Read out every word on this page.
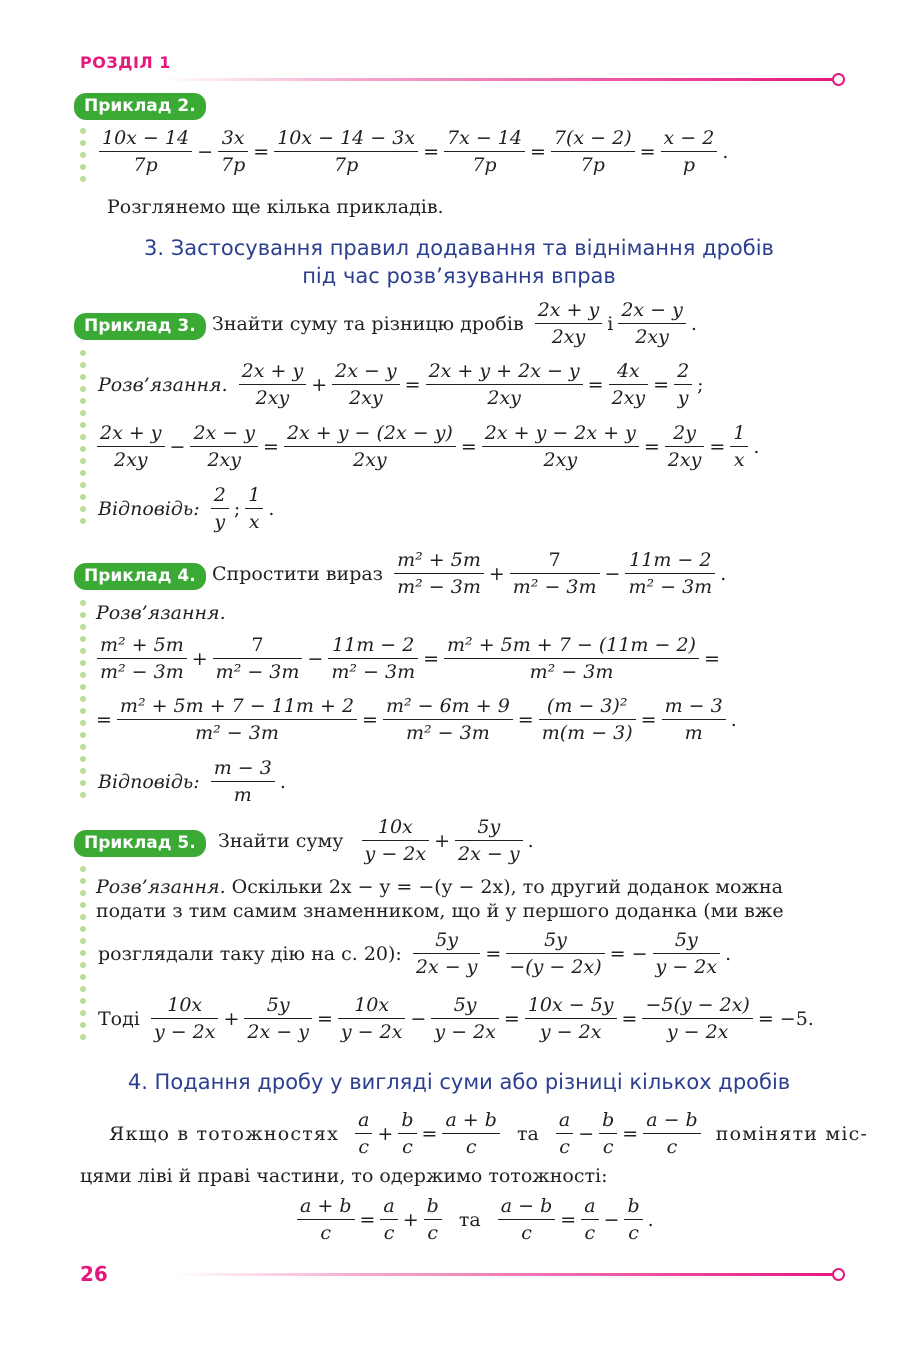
РОЗДІЛ 1
Приклад 2.
$\frac{10x - 14}{7p} - \frac{3x}{7p} = \frac{10x - 14 - 3x}{7p} = \frac{7x - 14}{7p} = \frac{7(x - 2)}{7p} = \frac{x - 2}{p}$ .
Розглянемо ще кілька прикладів.
3. Застосування правил додавання та віднімання дробів
під час розв’язування вправ
Приклад 3. Знайти суму та різницю дробів $\frac{2x + y}{2xy}$ і $\frac{2x - y}{2xy}$ .
Розв’язання. $\frac{2x + y}{2xy} + \frac{2x - y}{2xy} = \frac{2x + y + 2x - y}{2xy} = \frac{4x}{2xy} = \frac{2}{y}$ ;
$\frac{2x + y}{2xy} - \frac{2x - y}{2xy} = \frac{2x + y - (2x - y)}{2xy} = \frac{2x + y - 2x + y}{2xy} = \frac{2y}{2xy} = \frac{1}{x}$ .
Відповідь: $\frac{2}{y}$ ; $\frac{1}{x}$ .
Приклад 4. Спростити вираз $\frac{\text{m² + 5m}}{\text{m² − 3m}} + \frac{7}{\text{m² − 3m}} - \frac{11m - 2}{\text{m² − 3m}}$ .
Розв’язання.
$\frac{\text{m² + 5m}}{\text{m² − 3m}} + \frac{7}{\text{m² − 3m}} - \frac{11m - 2}{\text{m² − 3m}} = \frac{\text{m² + 5m + 7 − (11m − 2)}}{\text{m² − 3m}}$ =
= $\frac{\text{m² + 5m + 7 − 11m + 2}}{\text{m² − 3m}} = \frac{\text{m² − 6m + 9}}{\text{m² − 3m}} = \frac{\text{(m − 3)²}}{m(m - 3)} = \frac{m - 3}{m}$ .
Відповідь: $\frac{m - 3}{m}$ .
Приклад 5.	Знайти суму $\frac{10x}{y - 2x} + \frac{5y}{2x - y}$ .
Розв’язання. Оскільки 2x − y = −(y − 2x), то другий доданок можна
подати з тим самим знаменником, що й у першого доданка (ми вже
розглядали таку дію на с. 20): $\frac{5y}{2x - y} = \frac{5y}{-(y - 2x)}$ = − $\frac{5y}{y - 2x}$ .
Тоді $\frac{10x}{y - 2x} + \frac{5y}{2x - y} = \frac{10x}{y - 2x} - \frac{5y}{y - 2x} = \frac{10x - 5y}{y - 2x} = \frac{-5(y - 2x)}{y - 2x} = -5$.
4. Подання дробу у вигляді суми або різниці кількох дробів
Якщо в тотожностях $\frac{a}{c} + \frac{b}{c} = \frac{a + b}{c}$ та $\frac{a}{c} - \frac{b}{c} = \frac{a - b}{c}$ поміняти міс-
цями ліві й праві частини, то одержимо тотожності:
$\frac{a + b}{c} = \frac{a}{c} + \frac{b}{c}$ та $\frac{a - b}{c} = \frac{a}{c} - \frac{b}{c}$ .
26
